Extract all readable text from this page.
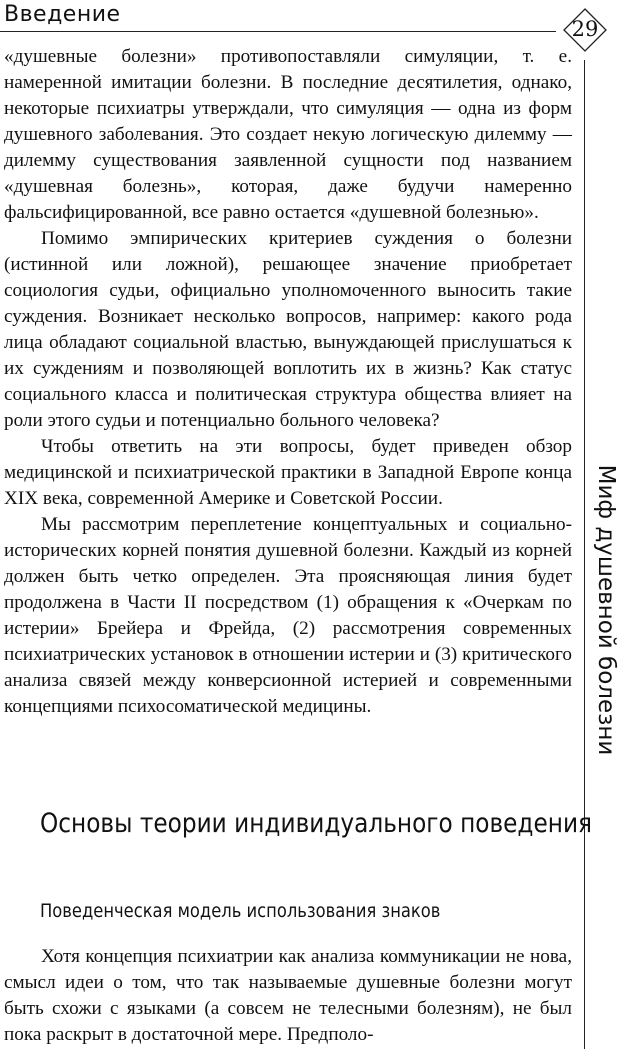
Введение
29
Миф душевной болезни

«душевные болезни» противопоставляли симуляции, т. е. намеренной имитации болезни. В последние десятилетия, однако, некоторые психиатры утверждали, что симуляция — одна из форм душевного заболевания. Это создает некую логическую дилемму — дилемму существования заявленной сущности под названием «душевная болезнь», которая, даже будучи намеренно фальсифицированной, все равно остается «душевной болезнью».

Помимо эмпирических критериев суждения о болезни (истинной или ложной), решающее значение приобретает социология судьи, официально уполномоченного выносить такие суждения. Возникает несколько вопросов, например: какого рода лица обладают социальной властью, вынуждающей прислушаться к их суждениям и позволяющей воплотить их в жизнь? Как статус социального класса и политическая структура общества влияет на роли этого судьи и потенциально больного человека?

Чтобы ответить на эти вопросы, будет приведен обзор медицинской и психиатрической практики в Западной Европе конца XIX века, современной Америке и Советской России.

Мы рассмотрим переплетение концептуальных и социально-исторических корней понятия душевной болезни. Каждый из корней должен быть четко определен. Эта проясняющая линия будет продолжена в Части II посредством (1) обращения к «Очеркам по истерии» Брейера и Фрейда, (2) рассмотрения современных психиатрических установок в отношении истерии и (3) критического анализа связей между конверсионной истерией и современными концепциями психосоматической медицины.

Основы теории индивидуального поведения
Поведенческая модель использования знаков

Хотя концепция психиатрии как анализа коммуникации не нова, смысл идеи о том, что так называемые душевные болезни могут быть схожи с языками (а совсем не телесными болезням), не был пока раскрыт в достаточной мере. Предполо-
